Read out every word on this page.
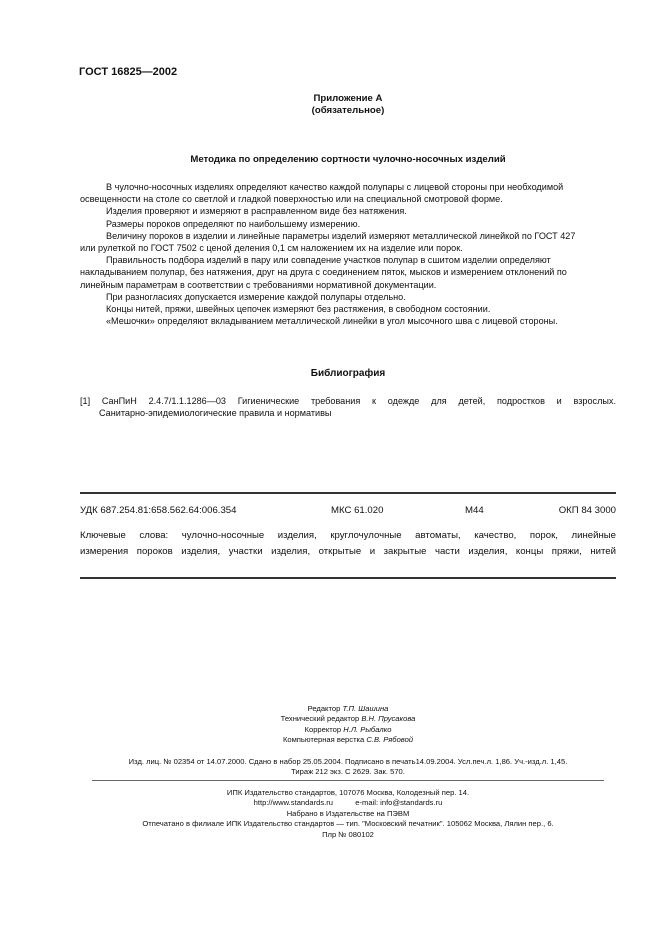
ГОСТ 16825—2002
Приложение А
(обязательное)
Методика по определению сортности чулочно-носочных изделий
В чулочно-носочных изделиях определяют качество каждой полупары с лицевой стороны при необходимой
освещенности на столе со светлой и гладкой поверхностью или на специальной смотровой форме.
Изделия проверяют и измеряют в расправленном виде без натяжения.
Размеры пороков определяют по наибольшему измерению.
Величину пороков в изделии и линейные параметры изделий измеряют металлической линейкой по ГОСТ 427
или рулеткой по ГОСТ 7502 с ценой деления 0,1 см наложением их на изделие или порок.
Правильность подбора изделий в пару или совпадение участков полупар в сшитом изделии определяют
накладыванием полупар, без натяжения, друг на друга с соединением пяток, мысков и измерением отклонений по
линейным параметрам в соответствии с требованиями нормативной документации.
При разногласиях допускается измерение каждой полупары отдельно.
Концы нитей, пряжи, швейных цепочек измеряют без растяжения, в свободном состоянии.
«Мешочки» определяют вкладыванием металлической линейки в угол мысочного шва с лицевой стороны.
Библиография
[1] СанПиН 2.4.7/1.1.1286—03 Гигиенические требования к одежде для детей, подростков и взрослых.
Санитарно-эпидемиологические правила и нормативы
УДК 687.254.81:658.562.64:006.354	МКС 61.020	М44	ОКП 84 3000
Ключевые слова: чулочно-носочные изделия, круглочулочные автоматы, качество, порок, линейные
измерения пороков изделия, участки изделия, открытые и закрытые части изделия, концы пряжи, нитей
Редактор Т.П. Шашина
Технический редактор В.Н. Прусакова
Корректор Н.Л. Рыбалко
Компьютерная верстка С.В. Рябовой
Изд. лиц. № 02354 от 14.07.2000. Сдано в набор 25.05.2004. Подписано в печать14.09.2004. Усл.печ.л. 1,86. Уч.-изд.л. 1,45.
Тираж 212 экз. С 2629. Зак. 570.
ИПК Издательство стандартов, 107076 Москва, Колодезный пер. 14.
http://www.standards.ru	e-mail: info@standards.ru
Набрано в Издательстве на ПЭВМ
Отпечатано в филиале ИПК Издательство стандартов — тип. "Московский печатник". 105062 Москва, Лялин пер., 6.
Плр № 080102
